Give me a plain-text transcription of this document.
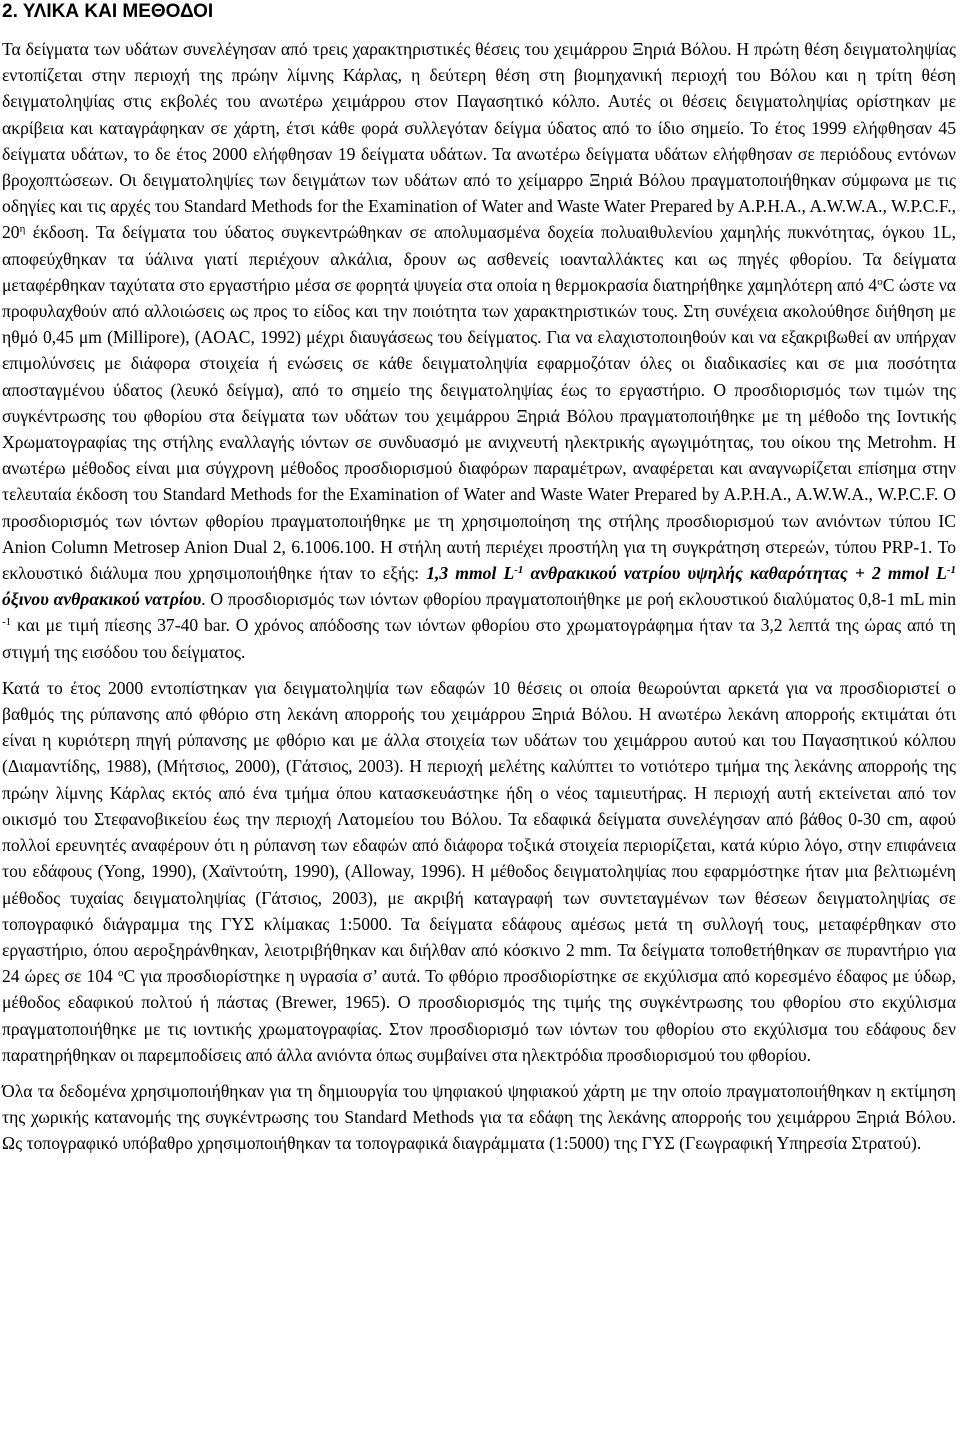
2. ΥΛΙΚΑ ΚΑΙ ΜΕΘΟΔΟΙ

Τα δείγματα των υδάτων συνελέγησαν από τρεις χαρακτηριστικές θέσεις του χειμάρρου Ξηριά Βόλου. Η πρώτη θέση δειγματοληψίας εντοπίζεται στην περιοχή της πρώην λίμνης Κάρλας, η δεύτερη θέση στη βιομηχανική περιοχή του Βόλου και η τρίτη θέση δειγματοληψίας στις εκβολές του ανωτέρω χειμάρρου στον Παγασητικό κόλπο. Αυτές οι θέσεις δειγματοληψίας ορίστηκαν με ακρίβεια και καταγράφηκαν σε χάρτη, έτσι κάθε φορά συλλεγόταν δείγμα ύδατος από το ίδιο σημείο. Το έτος 1999 ελήφθησαν 45 δείγματα υδάτων, το δε έτος 2000 ελήφθησαν 19 δείγματα υδάτων. Τα ανωτέρω δείγματα υδάτων ελήφθησαν σε περιόδους εντόνων βροχοπτώσεων. Οι δειγματοληψίες των δειγμάτων των υδάτων από το χείμαρρο Ξηριά Βόλου πραγματοποιήθηκαν σύμφωνα με τις οδηγίες και τις αρχές του Standard Methods for the Examination of Water and Waste Water Prepared by A.P.H.A., A.W.W.A., W.P.C.F., $20^\eta$ έκδοση. Τα δείγματα του ύδατος συγκεντρώθηκαν σε απολυμασμένα δοχεία πολυαιθυλενίου χαμηλής πυκνότητας, όγκου 1L, αποφεύχθηκαν τα ύάλινα γιατί περιέχουν αλκάλια, δρουν ως ασθενείς ιοανταλλάκτες και ως πηγές φθορίου. Τα δείγματα μεταφέρθηκαν ταχύτατα στο εργαστήριο μέσα σε φορητά ψυγεία στα οποία η θερμοκρασία διατηρήθηκε χαμηλότερη από $4^oC$ ώστε να προφυλαχθούν από αλλοιώσεις ως προς το είδος και την ποιότητα των χαρακτηριστικών τους. Στη συνέχεια ακολούθησε διήθηση με ηθμό 0,45 μm (Millipore), (AOAC, 1992) μέχρι διαυγάσεως του δείγματος. Για να ελαχιστοποιηθούν και να εξακριβωθεί αν υπήρχαν επιμολύνσεις με διάφορα στοιχεία ή ενώσεις σε κάθε δειγματοληψία εφαρμοζόταν όλες οι διαδικασίες και σε μια ποσότητα αποσταγμένου ύδατος (λευκό δείγμα), από το σημείο της δειγματοληψίας έως το εργαστήριο. Ο προσδιορισμός των τιμών της συγκέντρωσης του φθορίου στα δείγματα των υδάτων του χειμάρρου Ξηριά Βόλου πραγματοποιήθηκε με τη μέθοδο της Ιοντικής Χρωματογραφίας της στήλης εναλλαγής ιόντων σε συνδυασμό με ανιχνευτή ηλεκτρικής αγωγιμότητας, του οίκου της Metrohm. Η ανωτέρω μέθοδος είναι μια σύγχρονη μέθοδος προσδιορισμού διαφόρων παραμέτρων, αναφέρεται και αναγνωρίζεται επίσημα στην τελευταία έκδοση του Standard Methods for the Examination of Water and Waste Water Prepared by A.P.H.A., A.W.W.A., W.P.C.F. Ο προσδιορισμός των ιόντων φθορίου πραγματοποιήθηκε με τη χρησιμοποίηση της στήλης προσδιορισμού των ανιόντων τύπου IC Anion Column Metrosep Anion Dual 2, 6.1006.100. Η στήλη αυτή περιέχει προστήλη για τη συγκράτηση στερεών, τύπου PRP-1. Το εκλουστικό διάλυμα που χρησιμοποιήθηκε ήταν το εξής: 1,3 mmol $L^{-1}$ ανθρακικού νατρίου υψηλής καθαρότητας + 2 mmol $L^{-1}$ όξινου ανθρακικού νατρίου. Ο προσδιορισμός των ιόντων φθορίου πραγματοποιήθηκε με ροή εκλουστικού διαλύματος 0,8-1 mL min $^{-1}$ και με τιμή πίεσης 37-40 bar. Ο χρόνος απόδοσης των ιόντων φθορίου στο χρωματογράφημα ήταν τα 3,2 λεπτά της ώρας από τη στιγμή της εισόδου του δείγματος.

Κατά το έτος 2000 εντοπίστηκαν για δειγματοληψία των εδαφών 10 θέσεις οι οποία θεωρούνται αρκετά για να προσδιοριστεί ο βαθμός της ρύπανσης από φθόριο στη λεκάνη απορροής του χειμάρρου Ξηριά Βόλου. Η ανωτέρω λεκάνη απορροής εκτιμάται ότι είναι η κυριότερη πηγή ρύπανσης με φθόριο και με άλλα στοιχεία των υδάτων του χειμάρρου αυτού και του Παγασητικού κόλπου (Διαμαντίδης, 1988), (Μήτσιος, 2000), (Γάτσιος, 2003). Η περιοχή μελέτης καλύπτει το νοτιότερο τμήμα της λεκάνης απορροής της πρώην λίμνης Κάρλας εκτός από ένα τμήμα όπου κατασκευάστηκε ήδη ο νέος ταμιευτήρας. Η περιοχή αυτή εκτείνεται από τον οικισμό του Στεφανοβικείου έως την περιοχή Λατομείου του Βόλου. Τα εδαφικά δείγματα συνελέγησαν από βάθος 0-30 cm, αφού πολλοί ερευνητές αναφέρουν ότι η ρύπανση των εδαφών από διάφορα τοξικά στοιχεία περιορίζεται, κατά κύριο λόγο, στην επιφάνεια του εδάφους (Yong, 1990), (Χαϊντούτη, 1990), (Alloway, 1996). Η μέθοδος δειγματοληψίας που εφαρμόστηκε ήταν μια βελτιωμένη μέθοδος τυχαίας δειγματοληψίας (Γάτσιος, 2003), με ακριβή καταγραφή των συντεταγμένων των θέσεων δειγματοληψίας σε τοπογραφικό διάγραμμα της ΓΥΣ κλίμακας 1:5000. Τα δείγματα εδάφους αμέσως μετά τη συλλογή τους, μεταφέρθηκαν στο εργαστήριο, όπου αεροξηράνθηκαν, λειοτριβήθηκαν και διήλθαν από κόσκινο 2 mm. Τα δείγματα τοποθετήθηκαν σε πυραντήριο για 24 ώρες σε 104 $^o$C για προσδιορίστηκε η υγρασία σ’ αυτά. Το φθόριο προσδιορίστηκε σε εκχύλισμα από κορεσμένο έδαφος με ύδωρ, μέθοδος εδαφικού πολτού ή πάστας (Brewer, 1965). Ο προσδιορισμός της τιμής της συγκέντρωσης του φθορίου στο εκχύλισμα πραγματοποιήθηκε με τις ιοντικής χρωματογραφίας. Στον προσδιορισμό των ιόντων του φθορίου στο εκχύλισμα του εδάφους δεν παρατηρήθηκαν οι παρεμποδίσεις από άλλα ανιόντα όπως συμβαίνει στα ηλεκτρόδια προσδιορισμού του φθορίου.

Όλα τα δεδομένα χρησιμοποιήθηκαν για τη δημιουργία του ψηφιακού ψηφιακού χάρτη με την οποίο πραγματοποιήθηκαν η εκτίμηση της χωρικής κατανομής της συγκέντρωσης του Standard Methods για τα εδάφη της λεκάνης απορροής του χειμάρρου Ξηριά Βόλου. Ως τοπογραφικό υπόβαθρο χρησιμοποιήθηκαν τα τοπογραφικά διαγράμματα (1:5000) της ΓΥΣ (Γεωγραφική Υπηρεσία Στρατού).
